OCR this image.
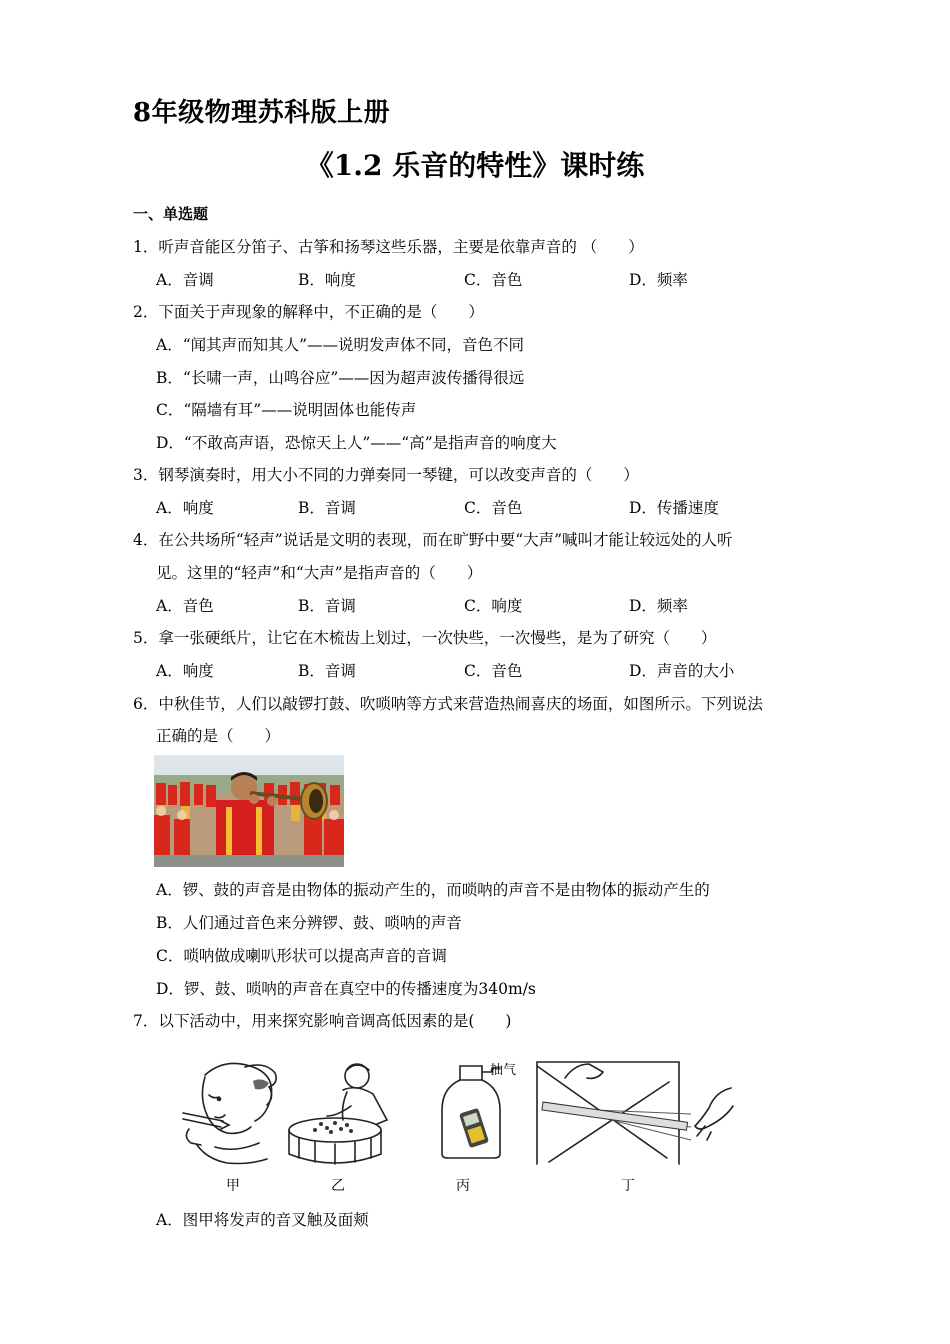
8年级物理苏科版上册
《1.2 乐音的特性》课时练
一、单选题
1．听声音能区分笛子、古筝和扬琴这些乐器，主要是依靠声音的 （　　）
A．音调	B．响度	C．音色	D．频率
2．下面关于声现象的解释中，不正确的是（　　）
A．“闻其声而知其人”——说明发声体不同，音色不同
B．“长啸一声，山鸣谷应”——因为超声波传播得很远
C．“隔墙有耳”——说明固体也能传声
D．“不敢高声语，恐惊天上人”——“高”是指声音的响度大
3．钢琴演奏时，用大小不同的力弹奏同一琴键，可以改变声音的（　　）
A．响度	B．音调	C．音色	D．传播速度
4．在公共场所“轻声”说话是文明的表现，而在旷野中要“大声”喊叫才能让较远处的人听
见。这里的“轻声”和“大声”是指声音的（　　）
A．音色	B．音调	C．响度	D．频率
5．拿一张硬纸片，让它在木梳齿上划过，一次快些，一次慢些，是为了研究（　　）
A．响度	B．音调	C．音色	D．声音的大小
6．中秋佳节，人们以敲锣打鼓、吹唢呐等方式来营造热闹喜庆的场面，如图所示。下列说法
正确的是（　　）
A．锣、鼓的声音是由物体的振动产生的，而唢呐的声音不是由物体的振动产生的
B．人们通过音色来分辨锣、鼓、唢呐的声音
C．唢呐做成喇叭形状可以提高声音的音调
D．锣、鼓、唢呐的声音在真空中的传播速度为340m/s
7．以下活动中，用来探究影响音调高低因素的是(　　)
抽气
甲	乙	丙	丁
A．图甲将发声的音叉触及面颊
